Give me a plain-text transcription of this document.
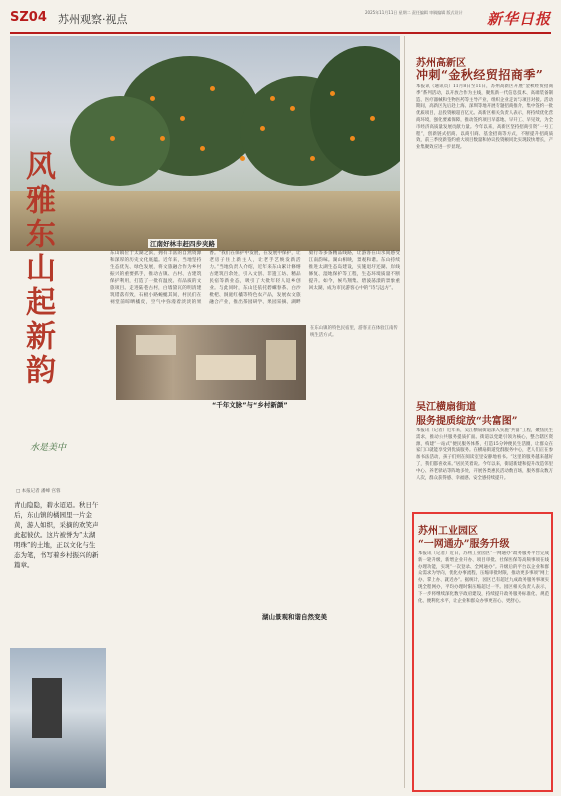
SZ04 苏州观察·视点
2025年11月11日 星期二 责任编辑 审稿编辑 版式设计	新华日报
风雅东山起新韵
水是美中
□ 本报记者 潘峰 宫蓉
青山隐隐，碧水迢迢。秋日午后，东山镇的橘园里一片金黄，游人如织，采摘的欢笑声此起彼伏。这片被誉为“太湖明珠”的土地，正以文化与生态为笔，书写着乡村振兴的新篇章。
东山镇位于太湖之滨，拥有丰富的自然资源和深厚的历史文化底蕴。近年来，当地坚持生态优先、绿色发展，将文旅融合作为乡村振兴的重要抓手，推动古镇、古村、古建筑保护利用，打造了一批有温度、有品质的文旅项目。走进陆巷古村，白墙黛瓦的明清建筑错落有致，石板小路蜿蜒其间，村民们在祠堂前晾晒橘皮，空气中弥漫着淡淡的果香。“我们在保护中发展，在发展中保护，让老房子住上新主人，让老手艺焕发新活力。”当地负责人介绍，近年来东山累计修缮古建筑百余处，引入文创、非遗工坊、精品民宿等新业态，吸引了大批年轻人返乡创业。与此同时，东山还依托碧螺春茶、白沙枇杷、洞庭红橘等特色农产品，发展农文旅融合产业，推出茶园研学、果园采摘、湖畔骑行等多条精品线路，让游客在山水间感受江南韵味。湖山相映，景观和谐。东山持续推进太湖生态岛建设，实施退圩还湖、岸线修复、湿地保护等工程，生态环境质量不断提升。如今，候鸟翔集、碧波荡漾的景象重回太湖，成为市民游客心中的“诗与远方”。
江南好林丰赶四步夹路
“千年文脉”与“乡村新颜”
湖山景观和谐自然变美
在东山镇的特色民宿里，游客正在体验江南传统生活方式。
苏州高新区
冲刺“金秋经贸招商季”
本报讯（通讯员）11月8日至11日，苏州高新区开展“金秋经贸招商季”系列活动，以开放合作为主线，聚焦新一代信息技术、高端装备制造、医疗器械和生物医药等主导产业，组织企业走访与项目对接。活动期间，高新区先后赴上海、深圳等地开展专题招商推介，集中签约一批优质项目，总投资额超百亿元。高新区相关负责人表示，将持续优化营商环境，强化要素保障，推动签约项目早落地、早开工、早见效，为全市经济高质量发展贡献力量。今年以来，高新区坚持招商引资“一号工程”，创新链式招商、以商引商、基金招商等方式，不断提升招商质效，前三季度新签约重大项目数量和协议投资额同比实现较快增长，产业集聚效应进一步显现。
吴江横扇街道
服务提质绽放“共富图”
本报讯（记者）近年来，吴江横扇街道深入实施“共富”工程，聚焦民生需求，推动公共服务提质扩面。街道以党建引领为核心，整合辖区资源，构建“一站式”便民服务体系，打造15分钟便民生活圈，让群众在家门口就能享受到优质服务。在横扇街道党群服务中心，老人们正在参加书法活动，孩子们则在阅读室里安静地看书。“这里的服务越来越好了，我们都喜欢来。”居民笑着说。今年以来，街道新建和提升改造邻里中心、养老驿站等阵地多处，开展各类惠民活动数百场，服务群众数万人次，群众获得感、幸福感、安全感持续提升。
苏州工业园区
“一网通办”服务升级
本报讯（记者）近日，苏州工业园区“一网通办”政务服务平台完成新一轮升级，新增企业开办、项目审批、社保医保等高频事项在线办理功能，实现“一次登录、全网通办”。升级后的平台以企业和群众需求为导向，优化办事流程，压缩审批时限，推动更多事项“网上办、掌上办、就近办”。据统计，园区已有超过九成政务服务事项实现全程网办，平均办理时限压缩超过一半。园区相关负责人表示，下一步将继续深化数字政府建设，持续提升政务服务标准化、规范化、便利化水平，让企业和群众办事更省心、更舒心。
